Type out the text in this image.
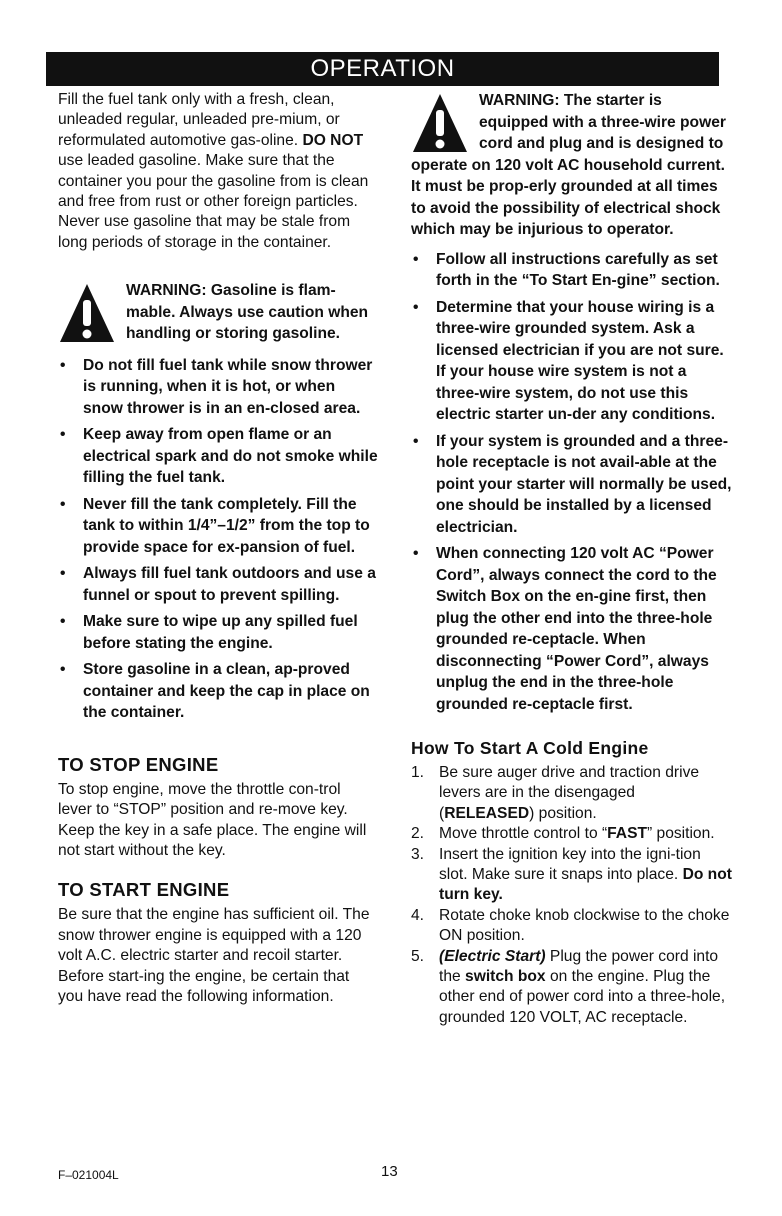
OPERATION

Fill the fuel tank only with a fresh, clean, unleaded regular, unleaded pre-mium, or reformulated automotive gas-oline. DO NOT use leaded gasoline. Make sure that the container you pour the gasoline from is clean and free from rust or other foreign particles. Never use gasoline that may be stale from long periods of storage in the container.

WARNING: Gasoline is flam-mable. Always use caution when handling or storing gasoline.
• Do not fill fuel tank while snow thrower is running, when it is hot, or when snow thrower is in an en-closed area.
• Keep away from open flame or an electrical spark and do not smoke while filling the fuel tank.
• Never fill the tank completely. Fill the tank to within 1/4”–1/2” from the top to provide space for ex-pansion of fuel.
• Always fill fuel tank outdoors and use a funnel or spout to prevent spilling.
• Make sure to wipe up any spilled fuel before stating the engine.
• Store gasoline in a clean, ap-proved container and keep the cap in place on the container.
TO STOP ENGINE

To stop engine, move the throttle con-trol lever to “STOP” position and re-move key. Keep the key in a safe place. The engine will not start without the key.

TO START ENGINE

Be sure that the engine has sufficient oil. The snow thrower engine is equipped with a 120 volt A.C. electric starter and recoil starter. Before start-ing the engine, be certain that you have read the following information.

WARNING: The starter is equipped with a three-wire power cord and plug and is designed to operate on 120 volt AC household current. It must be prop-erly grounded at all times to avoid the possibility of electrical shock which may be injurious to operator.
• Follow all instructions carefully as set forth in the “To Start En-gine” section.
• Determine that your house wiring is a three-wire grounded system. Ask a licensed electrician if you are not sure. If your house wire system is not a three-wire system, do not use this electric starter un-der any conditions.
• If your system is grounded and a three-hole receptacle is not avail-able at the point your starter will normally be used, one should be installed by a licensed electrician.
• When connecting 120 volt AC “Power Cord”, always connect the cord to the Switch Box on the en-gine first, then plug the other end into the three-hole grounded re-ceptacle. When disconnecting “Power Cord”, always unplug the end in the three-hole grounded re-ceptacle first.
How To Start A Cold Engine
1. Be sure auger drive and traction drive levers are in the disengaged (RELEASED) position.
2. Move throttle control to “FAST” position.
3. Insert the ignition key into the igni-tion slot. Make sure it snaps into place. Do not turn key.
4. Rotate choke knob clockwise to the choke ON position.
5. (Electric Start) Plug the power cord into the switch box on the engine. Plug the other end of power cord into a three-hole, grounded 120 VOLT, AC receptacle.
F–021004L	13
